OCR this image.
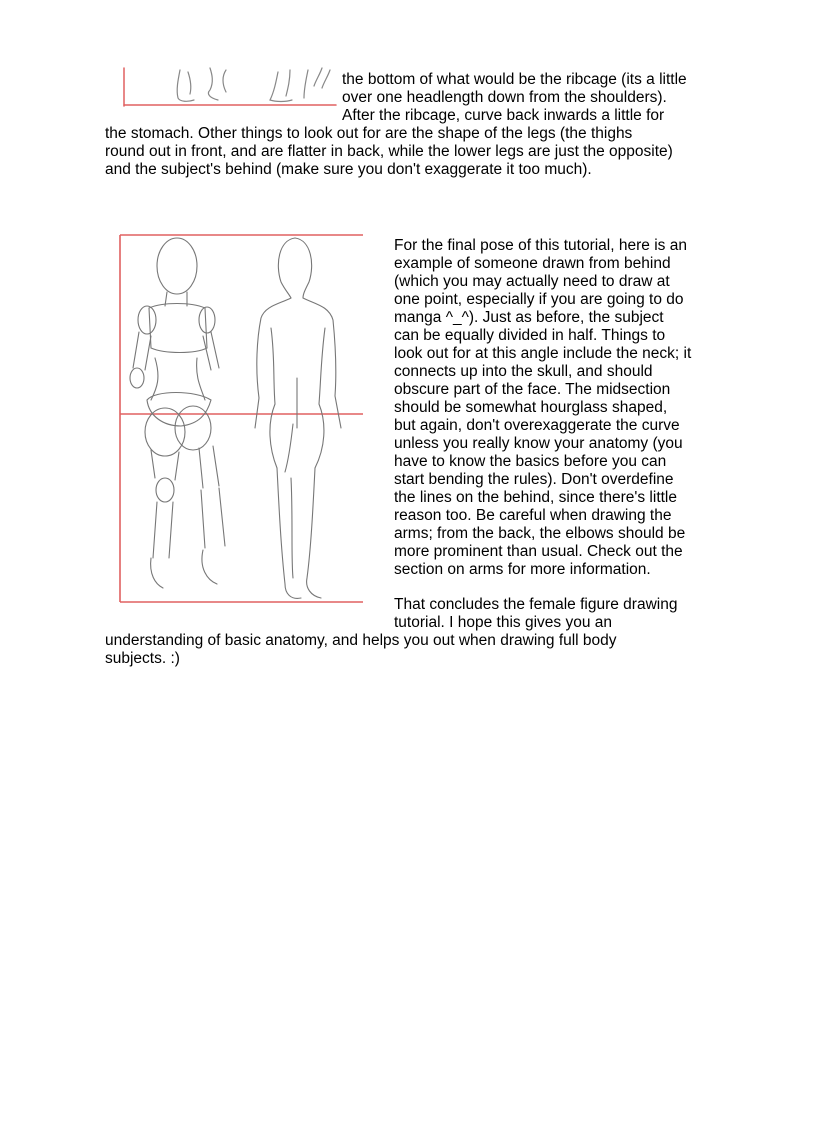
the bottom of what would be the ribcage (its a little
over one headlength down from the shoulders).
After the ribcage, curve back inwards a little for
the stomach. Other things to look out for are the shape of the legs (the thighs
round out in front, and are flatter in back, while the lower legs are just the opposite)
and the subject's behind (make sure you don't exaggerate it too much).
For the final pose of this tutorial, here is an
example of someone drawn from behind
(which you may actually need to draw at
one point, especially if you are going to do
manga ^_^). Just as before, the subject
can be equally divided in half. Things to
look out for at this angle include the neck; it
connects up into the skull, and should
obscure part of the face. The midsection
should be somewhat hourglass shaped,
but again, don't overexaggerate the curve
unless you really know your anatomy (you
have to know the basics before you can
start bending the rules). Don't overdefine
the lines on the behind, since there's little
reason too. Be careful when drawing the
arms; from the back, the elbows should be
more prominent than usual. Check out the
section on arms for more information.
That concludes the female figure drawing
tutorial. I hope this gives you an
understanding of basic anatomy, and helps you out when drawing full body
subjects. :)
